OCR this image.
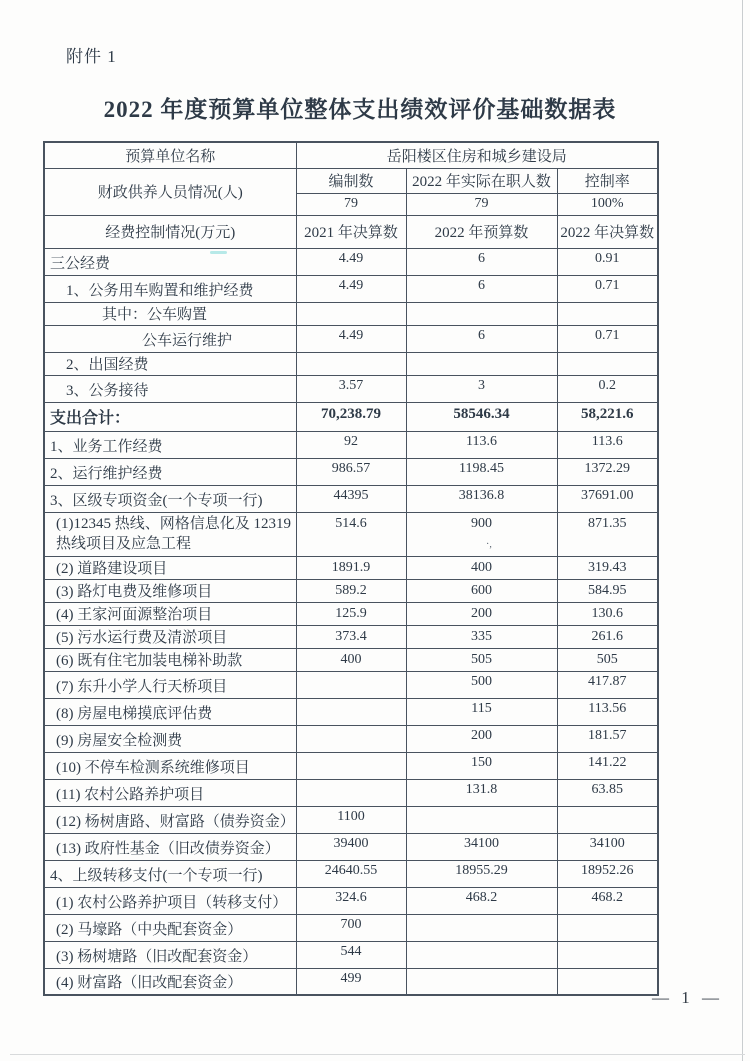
·,
附件 1
2022 年度预算单位整体支出绩效评价基础数据表
预算单位名称	岳阳楼区住房和城乡建设局		
财政供养人员情况(人)	编制数	2022 年实际在职人数	控制率
	79	79	100%
经费控制情况(万元)	2021 年决算数	2022 年预算数	2022 年决算数
三公经费	4.49	6	0.91
1、公务用车购置和维护经费	4.49	6	0.71
其中：公车购置			
公车运行维护	4.49	6	0.71
2、出国经费			
3、公务接待	3.57	3	0.2
支出合计：	70,238.79	58546.34	58,221.6
1、业务工作经费	92	113.6	113.6
2、运行维护经费	986.57	1198.45	1372.29
3、区级专项资金(一个专项一行)	44395	38136.8	37691.00
(1)12345 热线、网格信息化及 12319 热线项目及应急工程	514.6	900	871.35
(2) 道路建设项目	1891.9	400	319.43
(3) 路灯电费及维修项目	589.2	600	584.95
(4) 王家河面源整治项目	125.9	200	130.6
(5) 污水运行费及清淤项目	373.4	335	261.6
(6) 既有住宅加装电梯补助款	400	505	505
(7) 东升小学人行天桥项目		500	417.87
(8) 房屋电梯摸底评估费		115	113.56
(9) 房屋安全检测费		200	181.57
(10) 不停车检测系统维修项目		150	141.22
(11) 农村公路养护项目		131.8	63.85
(12) 杨树唐路、财富路（债券资金）	1100		
(13) 政府性基金（旧改债券资金）	39400	34100	34100
4、上级转移支付(一个专项一行)	24640.55	18955.29	18952.26
(1) 农村公路养护项目（转移支付）	324.6	468.2	468.2
(2) 马壕路（中央配套资金）	700		
(3) 杨树塘路（旧改配套资金）	544		
(4) 财富路（旧改配套资金）	499		
— 1 —
